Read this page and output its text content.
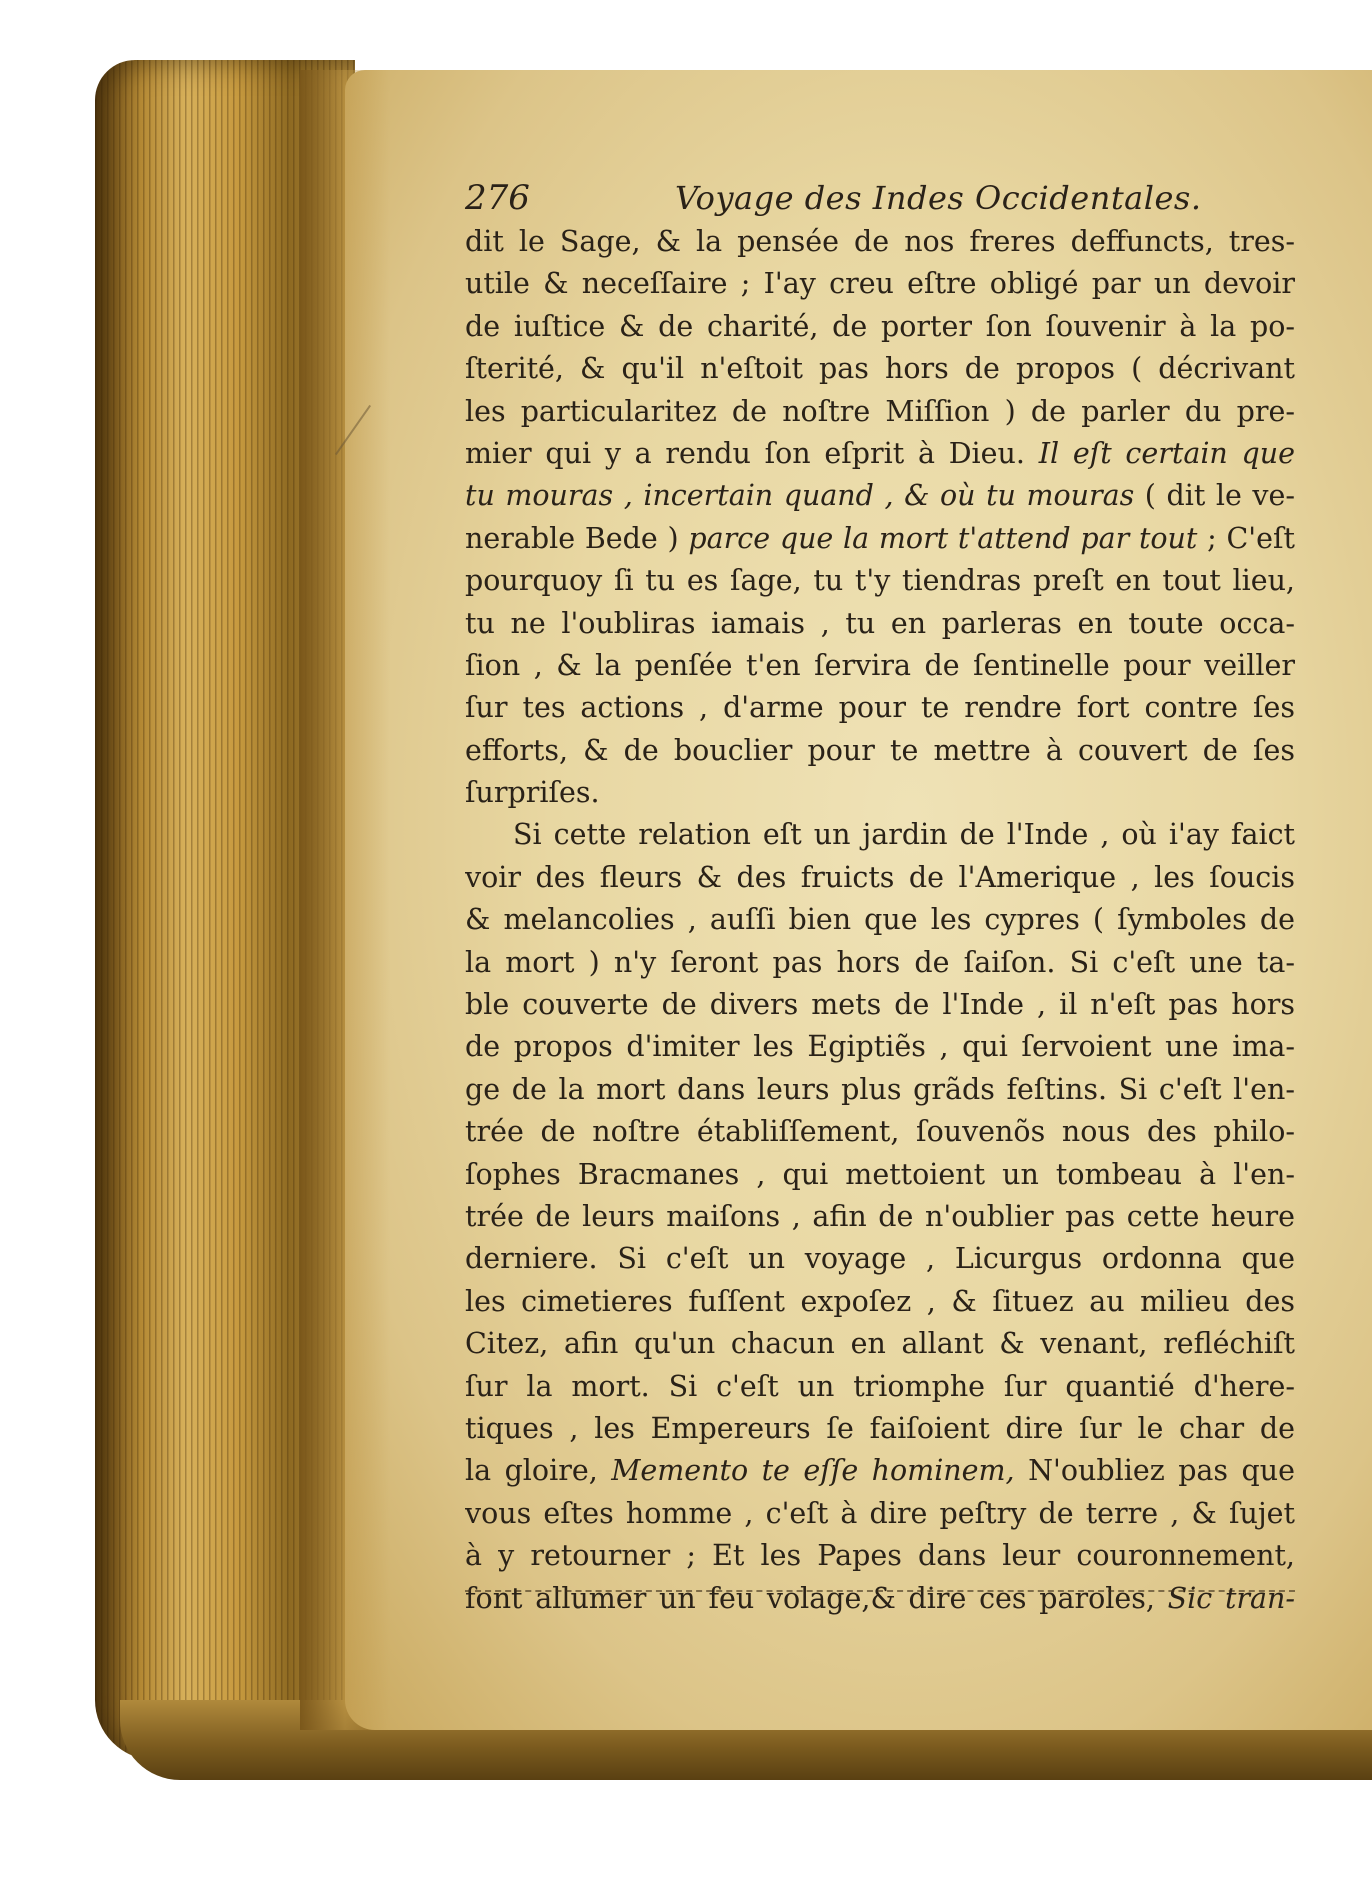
276	Voyage des Indes Occidentales.
dit le Sage, & la pensée de nos freres deffuncts, tres-
utile & neceſſaire ; I'ay creu eſtre obligé par un devoir
de iuſtice & de charité, de porter ſon ſouvenir à la po-
ſterité, & qu'il n'eſtoit pas hors de propos ( décrivant
les particularitez de noſtre Miſſion ) de parler du pre-
mier qui y a rendu ſon eſprit à Dieu. Il eſt certain que
tu mouras , incertain quand , & où tu mouras ( dit le ve-
nerable Bede ) parce que la mort t'attend par tout ; C'eſt
pourquoy ſi tu es ſage, tu t'y tiendras preſt en tout lieu,
tu ne l'oubliras iamais , tu en parleras en toute occa-
ſion , & la penſée t'en ſervira de ſentinelle pour veiller
ſur tes actions , d'arme pour te rendre fort contre ſes
efforts, & de bouclier pour te mettre à couvert de ſes
ſurpriſes.
Si cette relation eſt un jardin de l'Inde , où i'ay faict
voir des fleurs & des fruicts de l'Amerique , les ſoucis
& melancolies , auſſi bien que les cypres ( ſymboles de
la mort ) n'y ſeront pas hors de ſaiſon. Si c'eſt une ta-
ble couverte de divers mets de l'Inde , il n'eſt pas hors
de propos d'imiter les Egiptiẽs , qui ſervoient une ima-
ge de la mort dans leurs plus grãds feſtins. Si c'eſt l'en-
trée de noſtre établiſſement, ſouvenõs nous des philo-
ſophes Bracmanes , qui mettoient un tombeau à l'en-
trée de leurs maiſons , afin de n'oublier pas cette heure
derniere. Si c'eſt un voyage , Licurgus ordonna que
les cimetieres fuſſent expoſez , & ſituez au milieu des
Citez, afin qu'un chacun en allant & venant, refléchiſt
ſur la mort. Si c'eſt un triomphe ſur quantié d'here-
tiques , les Empereurs ſe faiſoient dire ſur le char de
la gloire, Memento te eſſe hominem, N'oubliez pas que
vous eſtes homme , c'eſt à dire peſtry de terre , & ſujet
à y retourner ; Et les Papes dans leur couronnement,
font allumer un feu volage,& dire ces paroles, Sic tran-
